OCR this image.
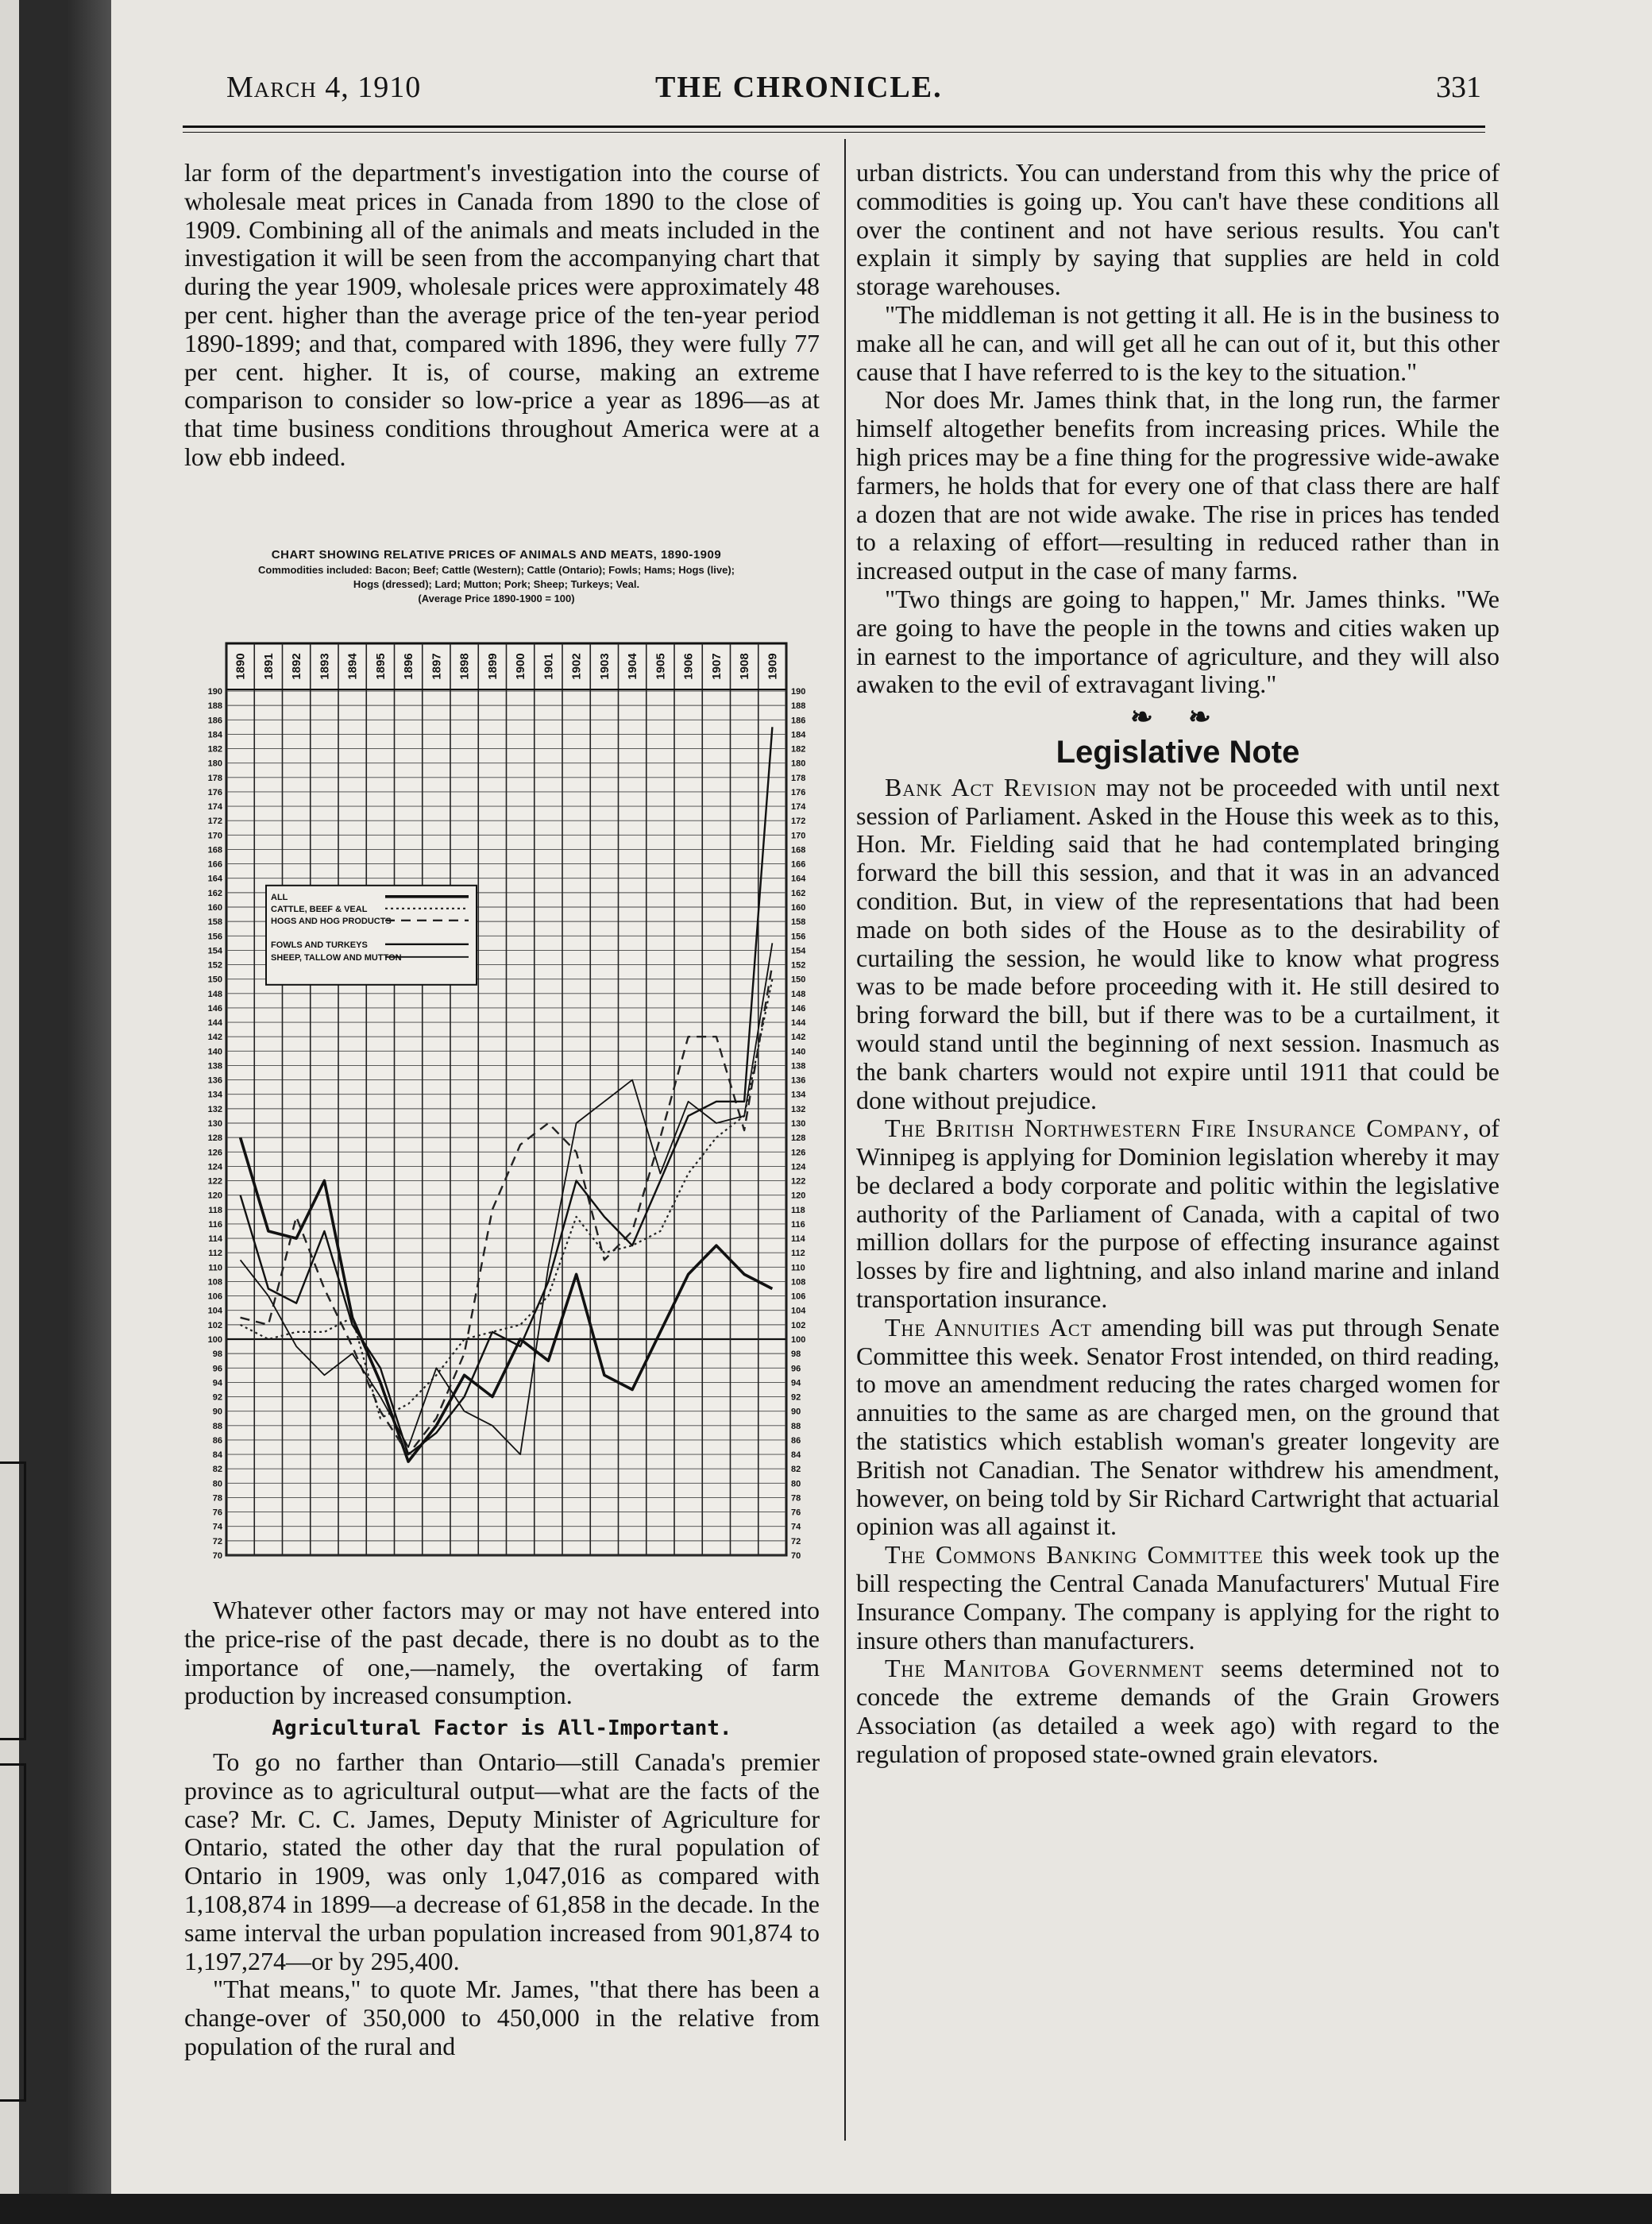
March 4, 1910	THE CHRONICLE.	331

lar form of the department's investigation into the course of wholesale meat prices in Canada from 1890 to the close of 1909. Combining all of the animals and meats included in the investigation it will be seen from the accompanying chart that during the year 1909, wholesale prices were approximately 48 per cent. higher than the average price of the ten-year period 1890-1899; and that, compared with 1896, they were fully 77 per cent. higher. It is, of course, making an extreme comparison to consider so low-price a year as 1896—as at that time business conditions throughout America were at a low ebb indeed.

CHART SHOWING RELATIVE PRICES OF ANIMALS AND MEATS, 1890-1909
Commodities included: Bacon; Beef; Cattle (Western); Cattle (Ontario); Fowls; Hams; Hogs (live);
Hogs (dressed); Lard; Mutton; Pork; Sheep; Turkeys; Veal.
(Average Price 1890-1900 = 100)
70	70
72	72
74	74
76	76
78	78
80	80
82	82
84	84
86	86
88	88
90	90
92	92
94	94
96	96
98	98
100	100
102	102
104	104
106	106
108	108
110	110
112	112
114	114
116	116
118	118
120	120
122	122
124	124
126	126
128	128
130	130
132	132
134	134
136	136
138	138
140	140
142	142
144	144
146	146
148	148
150	150
152	152
154	154
156	156
158	158
160	160
162	162
164	164
166	166
168	168
170	170
172	172
174	174
176	176
178	178
180	180
182	182
184	184
186	186
188	188
190	190
1890 1891 1892 1893 1894 1895 1896 1897 1898 1899 1900 1901 1902 1903 1904 1905 1906 1907 1908 1909
ALL
CATTLE, BEEF & VEAL
HOGS AND HOG PRODUCTS
FOWLS AND TURKEYS
SHEEP, TALLOW AND MUTTON

Whatever other factors may or may not have entered into the price-rise of the past decade, there is no doubt as to the importance of one,—namely, the overtaking of farm production by increased consumption.

Agricultural Factor is All-Important.

To go no farther than Ontario—still Canada's premier province as to agricultural output—what are the facts of the case? Mr. C. C. James, Deputy Minister of Agriculture for Ontario, stated the other day that the rural population of Ontario in 1909, was only 1,047,016 as compared with 1,108,874 in 1899—a decrease of 61,858 in the decade. In the same interval the urban population increased from 901,874 to 1,197,274—or by 295,400.

"That means," to quote Mr. James, "that there has been a change-over of 350,000 to 450,000 in the relative from population of the rural and

urban districts. You can understand from this why the price of commodities is going up. You can't have these conditions all over the continent and not have serious results. You can't explain it simply by saying that supplies are held in cold storage warehouses.

"The middleman is not getting it all. He is in the business to make all he can, and will get all he can out of it, but this other cause that I have referred to is the key to the situation."

Nor does Mr. James think that, in the long run, the farmer himself altogether benefits from increasing prices. While the high prices may be a fine thing for the progressive wide-awake farmers, he holds that for every one of that class there are half a dozen that are not wide awake. The rise in prices has tended to a relaxing of effort—resulting in reduced rather than in increased output in the case of many farms.

"Two things are going to happen," Mr. James thinks. "We are going to have the people in the towns and cities waken up in earnest to the importance of agriculture, and they will also awaken to the evil of extravagant living."

❧ ❧
Legislative Note

Bank Act Revision may not be proceeded with until next session of Parliament. Asked in the House this week as to this, Hon. Mr. Fielding said that he had contemplated bringing forward the bill this session, and that it was in an advanced condition. But, in view of the representations that had been made on both sides of the House as to the desirability of curtailing the session, he would like to know what progress was to be made before proceeding with it. He still desired to bring forward the bill, but if there was to be a curtailment, it would stand until the beginning of next session. Inasmuch as the bank charters would not expire until 1911 that could be done without prejudice.

The British Northwestern Fire Insurance Company, of Winnipeg is applying for Dominion legislation whereby it may be declared a body corporate and politic within the legislative authority of the Parliament of Canada, with a capital of two million dollars for the purpose of effecting insurance against losses by fire and lightning, and also inland marine and inland transportation insurance.

The Annuities Act amending bill was put through Senate Committee this week. Senator Frost intended, on third reading, to move an amendment reducing the rates charged women for annuities to the same as are charged men, on the ground that the statistics which establish woman's greater longevity are British not Canadian. The Senator withdrew his amendment, however, on being told by Sir Richard Cartwright that actuarial opinion was all against it.

The Commons Banking Committee this week took up the bill respecting the Central Canada Manufacturers' Mutual Fire Insurance Company. The company is applying for the right to insure others than manufacturers.

The Manitoba Government seems determined not to concede the extreme demands of the Grain Growers Association (as detailed a week ago) with regard to the regulation of proposed state-owned grain elevators.
